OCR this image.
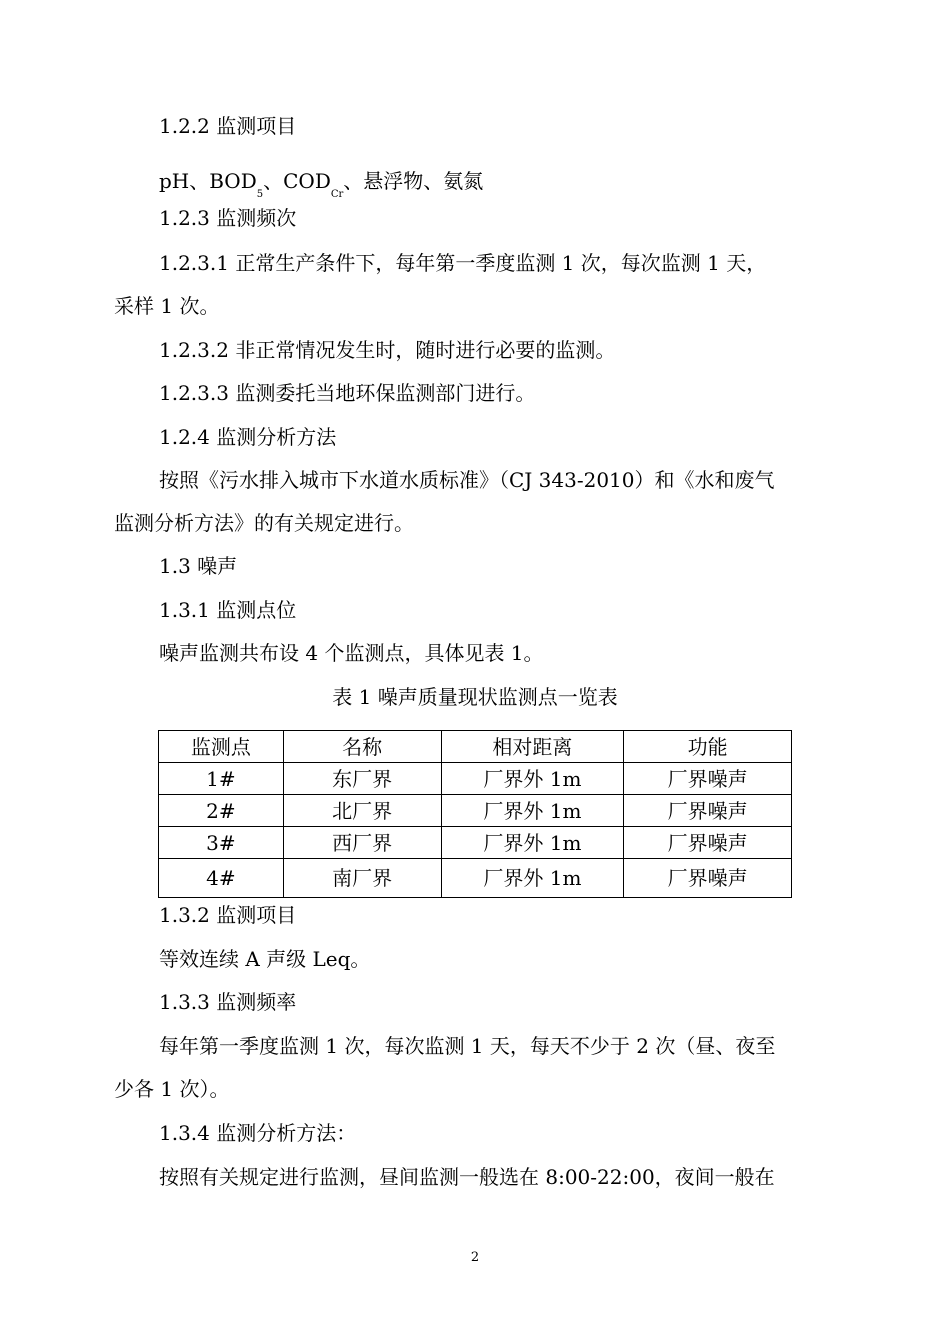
1.2.2 监测项目
pH、$BOD_5$、$COD_{Cr}$、悬浮物、氨氮
1.2.3 监测频次
1.2.3.1 正常生产条件下，每年第一季度监测 1 次，每次监测 1 天，
采样 1 次。
1.2.3.2 非正常情况发生时，随时进行必要的监测。
1.2.3.3 监测委托当地环保监测部门进行。
1.2.4 监测分析方法
按照《污水排入城市下水道水质标准》（CJ 343-2010）和《水和废气
监测分析方法》的有关规定进行。
1.3 噪声
1.3.1 监测点位
噪声监测共布设 4 个监测点，具体见表 1。
表 1 噪声质量现状监测点一览表
监测点	名称	相对距离	功能
1#	东厂界	厂界外 1m	厂界噪声
2#	北厂界	厂界外 1m	厂界噪声
3#	西厂界	厂界外 1m	厂界噪声
4#	南厂界	厂界外 1m	厂界噪声
1.3.2 监测项目
等效连续 A 声级 Leq。
1.3.3 监测频率
每年第一季度监测 1 次，每次监测 1 天，每天不少于 2 次（昼、夜至
少各 1 次）。
1.3.4 监测分析方法：
按照有关规定进行监测，昼间监测一般选在 8:00-22:00，夜间一般在
2
